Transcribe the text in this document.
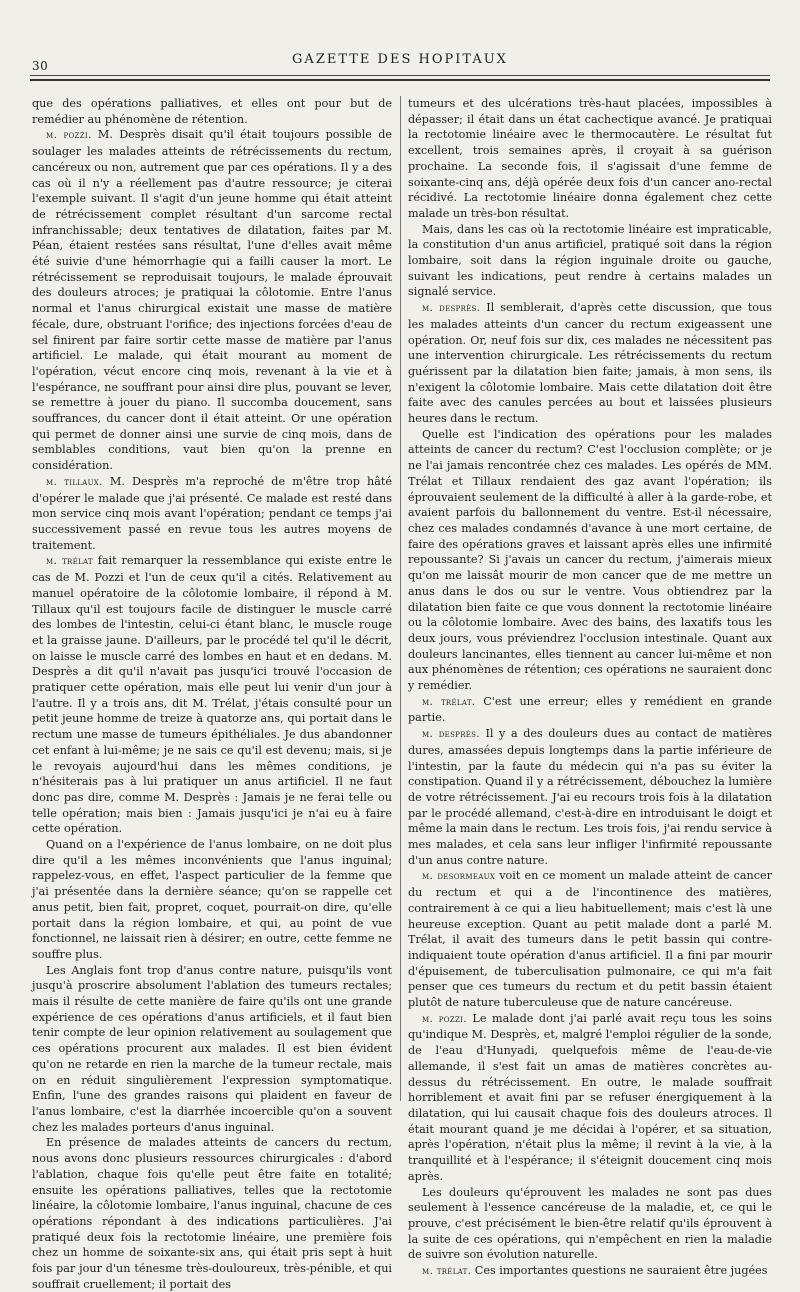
30	GAZETTE DES HOPITAUX

que des opérations palliatives, et elles ont pour but de remédier au phénomène de rétention.

m. pozzi. M. Desprès disait qu'il était toujours possible de soulager les malades atteints de rétrécissements du rectum, cancéreux ou non, autrement que par ces opérations. Il y a des cas où il n'y a réellement pas d'autre ressource; je citerai l'exemple suivant. Il s'agit d'un jeune homme qui était atteint de rétrécissement complet résultant d'un sarcome rectal infranchissable; deux tentatives de dilatation, faites par M. Péan, étaient restées sans résultat, l'une d'elles avait même été suivie d'une hémorrhagie qui a failli causer la mort. Le rétrécissement se reproduisait toujours, le malade éprouvait des douleurs atroces; je pratiquai la côlotomie. Entre l'anus normal et l'anus chirurgical existait une masse de matière fécale, dure, obstruant l'orifice; des injections forcées d'eau de sel finirent par faire sortir cette masse de matière par l'anus artificiel. Le malade, qui était mourant au moment de l'opération, vécut encore cinq mois, revenant à la vie et à l'espérance, ne souffrant pour ainsi dire plus, pouvant se lever, se remettre à jouer du piano. Il succomba doucement, sans souffrances, du cancer dont il était atteint. Or une opération qui permet de donner ainsi une survie de cinq mois, dans de semblables conditions, vaut bien qu'on la prenne en considération.

m. tillaux. M. Desprès m'a reproché de m'être trop hâté d'opérer le malade que j'ai présenté. Ce malade est resté dans mon service cinq mois avant l'opération; pendant ce temps j'ai successivement passé en revue tous les autres moyens de traitement.

m. trélat fait remarquer la ressemblance qui existe entre le cas de M. Pozzi et l'un de ceux qu'il a cités. Relativement au manuel opératoire de la côlotomie lombaire, il répond à M. Tillaux qu'il est toujours facile de distinguer le muscle carré des lombes de l'intestin, celui-ci étant blanc, le muscle rouge et la graisse jaune. D'ailleurs, par le procédé tel qu'il le décrit, on laisse le muscle carré des lombes en haut et en dedans. M. Desprès a dit qu'il n'avait pas jusqu'ici trouvé l'occasion de pratiquer cette opération, mais elle peut lui venir d'un jour à l'autre. Il y a trois ans, dit M. Trélat, j'étais consulté pour un petit jeune homme de treize à quatorze ans, qui portait dans le rectum une masse de tumeurs épithéliales. Je dus abandonner cet enfant à lui-même; je ne sais ce qu'il est devenu; mais, si je le revoyais aujourd'hui dans les mêmes conditions, je n'hésiterais pas à lui pratiquer un anus artificiel. Il ne faut donc pas dire, comme M. Desprès : Jamais je ne ferai telle ou telle opération; mais bien : Jamais jusqu'ici je n'ai eu à faire cette opération.

Quand on a l'expérience de l'anus lombaire, on ne doit plus dire qu'il a les mêmes inconvénients que l'anus inguinal; rappelez-vous, en effet, l'aspect particulier de la femme que j'ai présentée dans la dernière séance; qu'on se rappelle cet anus petit, bien fait, propret, coquet, pourrait-on dire, qu'elle portait dans la région lombaire, et qui, au point de vue fonctionnel, ne laissait rien à désirer; en outre, cette femme ne souffre plus.

Les Anglais font trop d'anus contre nature, puisqu'ils vont jusqu'à proscrire absolument l'ablation des tumeurs rectales; mais il résulte de cette manière de faire qu'ils ont une grande expérience de ces opérations d'anus artificiels, et il faut bien tenir compte de leur opinion relativement au soulagement que ces opérations procurent aux malades. Il est bien évident qu'on ne retarde en rien la marche de la tumeur rectale, mais on en réduit singulièrement l'expression symptomatique. Enfin, l'une des grandes raisons qui plaident en faveur de l'anus lombaire, c'est la diarrhée incoercible qu'on a souvent chez les malades porteurs d'anus inguinal.

En présence de malades atteints de cancers du rectum, nous avons donc plusieurs ressources chirurgicales : d'abord l'ablation, chaque fois qu'elle peut être faite en totalité; ensuite les opérations palliatives, telles que la rectotomie linéaire, la côlotomie lombaire, l'anus inguinal, chacune de ces opérations répondant à des indications particulières. J'ai pratiqué deux fois la rectotomie linéaire, une première fois chez un homme de soixante-six ans, qui était pris sept à huit fois par jour d'un ténesme très-douloureux, très-pénible, et qui souffrait cruellement; il portait des

tumeurs et des ulcérations très-haut placées, impossibles à dépasser; il était dans un état cachectique avancé. Je pratiquai la rectotomie linéaire avec le thermocautère. Le résultat fut excellent, trois semaines après, il croyait à sa guérison prochaine. La seconde fois, il s'agissait d'une femme de soixante-cinq ans, déjà opérée deux fois d'un cancer ano-rectal récidivé. La rectotomie linéaire donna également chez cette malade un très-bon résultat.

Mais, dans les cas où la rectotomie linéaire est impraticable, la constitution d'un anus artificiel, pratiqué soit dans la région lombaire, soit dans la région inguinale droite ou gauche, suivant les indications, peut rendre à certains malades un signalé service.

m. desprès. Il semblerait, d'après cette discussion, que tous les malades atteints d'un cancer du rectum exigeassent une opération. Or, neuf fois sur dix, ces malades ne nécessitent pas une intervention chirurgicale. Les rétrécissements du rectum guérissent par la dilatation bien faite; jamais, à mon sens, ils n'exigent la côlotomie lombaire. Mais cette dilatation doit être faite avec des canules percées au bout et laissées plusieurs heures dans le rectum.

Quelle est l'indication des opérations pour les malades atteints de cancer du rectum? C'est l'occlusion complète; or je ne l'ai jamais rencontrée chez ces malades. Les opérés de MM. Trélat et Tillaux rendaient des gaz avant l'opération; ils éprouvaient seulement de la difficulté à aller à la garde-robe, et avaient parfois du ballonnement du ventre. Est-il nécessaire, chez ces malades condamnés d'avance à une mort certaine, de faire des opérations graves et laissant après elles une infirmité repoussante? Si j'avais un cancer du rectum, j'aimerais mieux qu'on me laissât mourir de mon cancer que de me mettre un anus dans le dos ou sur le ventre. Vous obtiendrez par la dilatation bien faite ce que vous donnent la rectotomie linéaire ou la côlotomie lombaire. Avec des bains, des laxatifs tous les deux jours, vous préviendrez l'occlusion intestinale. Quant aux douleurs lancinantes, elles tiennent au cancer lui-même et non aux phénomènes de rétention; ces opérations ne sauraient donc y remédier.

m. trélat. C'est une erreur; elles y remédient en grande partie.

m. desprès. Il y a des douleurs dues au contact de matières dures, amassées depuis longtemps dans la partie inférieure de l'intestin, par la faute du médecin qui n'a pas su éviter la constipation. Quand il y a rétrécissement, débouchez la lumière de votre rétrécissement. J'ai eu recours trois fois à la dilatation par le procédé allemand, c'est-à-dire en introduisant le doigt et même la main dans le rectum. Les trois fois, j'ai rendu service à mes malades, et cela sans leur infliger l'infirmité repoussante d'un anus contre nature.

m. desormeaux voit en ce moment un malade atteint de cancer du rectum et qui a de l'incontinence des matières, contrairement à ce qui a lieu habituellement; mais c'est là une heureuse exception. Quant au petit malade dont a parlé M. Trélat, il avait des tumeurs dans le petit bassin qui contre-indiquaient toute opération d'anus artificiel. Il a fini par mourir d'épuisement, de tuberculisation pulmonaire, ce qui m'a fait penser que ces tumeurs du rectum et du petit bassin étaient plutôt de nature tuberculeuse que de nature cancéreuse.

m. pozzi. Le malade dont j'ai parlé avait reçu tous les soins qu'indique M. Desprès, et, malgré l'emploi régulier de la sonde, de l'eau d'Hunyadi, quelquefois même de l'eau-de-vie allemande, il s'est fait un amas de matières concrètes au-dessus du rétrécissement. En outre, le malade souffrait horriblement et avait fini par se refuser énergiquement à la dilatation, qui lui causait chaque fois des douleurs atroces. Il était mourant quand je me décidai à l'opérer, et sa situation, après l'opération, n'était plus la même; il revint à la vie, à la tranquillité et à l'espérance; il s'éteignit doucement cinq mois après.

Les douleurs qu'éprouvent les malades ne sont pas dues seulement à l'essence cancéreuse de la maladie, et, ce qui le prouve, c'est précisément le bien-être relatif qu'ils éprouvent à la suite de ces opérations, qui n'empêchent en rien la maladie de suivre son évolution naturelle.

m. trélat. Ces importantes questions ne sauraient être jugées
